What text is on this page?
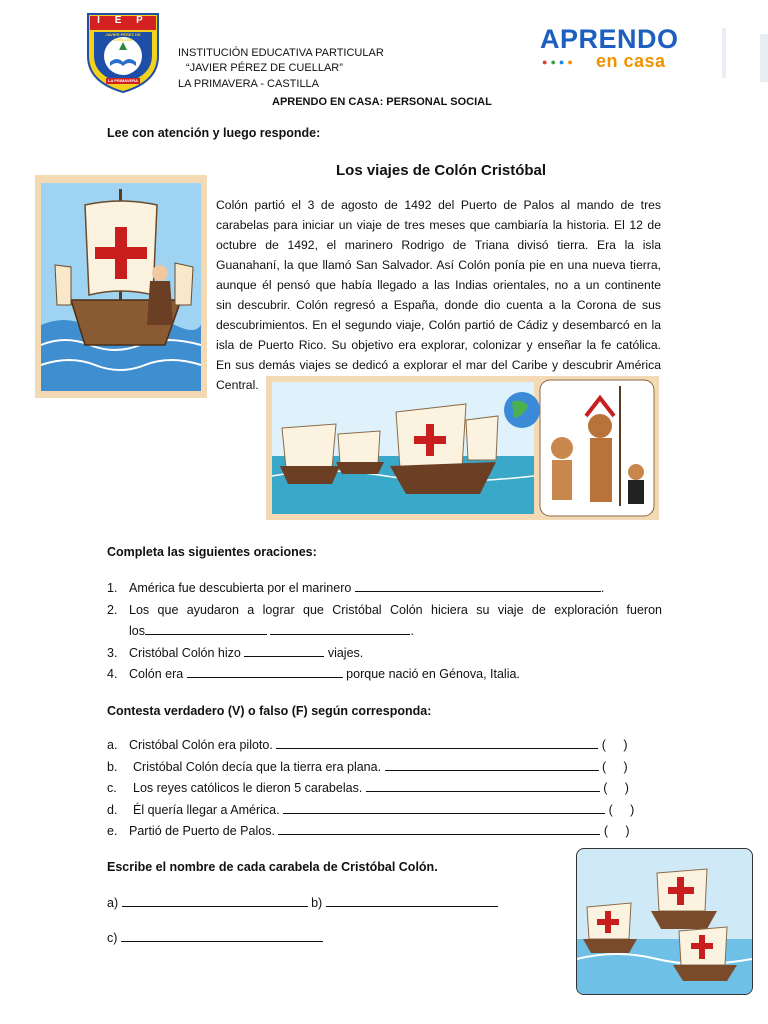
I E P
JAVIER PÉREZ DE CUELLAR
LA PRIMAVERA
INSTITUCIÓN EDUCATIVA PARTICULAR
“JAVIER PÉREZ DE CUELLAR”
LA PRIMAVERA - CASTILLA
APRENDO EN CASA: PERSONAL SOCIAL
APRENDO
●●●● en casa
Lee con atención y luego responde:
Los viajes de Colón Cristóbal
Colón partió el 3 de agosto de 1492 del Puerto de Palos al mando de tres
carabelas para iniciar un viaje de tres meses que cambiaría la historia. El 12 de
octubre de 1492, el marinero Rodrigo de Triana divisó tierra. Era la isla
Guanahaní, la que llamó San Salvador. Así Colón ponía pie en una nueva tierra,
aunque él pensó que había llegado a las Indias orientales, no a un continente
sin descubrir. Colón regresó a España, donde dio cuenta a la Corona de sus
descubrimientos. En el segundo viaje, Colón partió de Cádiz y desembarcó en la
isla de Puerto Rico. Su objetivo era explorar, colonizar y enseñar la fe católica.
En sus demás viajes se dedicó a explorar el mar del Caribe y descubrir América
Central.
Completa las siguientes oraciones:
1. América fue descubierta por el marinero	.
2. Los que ayudaron a lograr que Cristóbal Colón hiciera su viaje de exploración fueron
los	.
3. Cristóbal Colón hizo	viajes.
4. Colón era	porque nació en Génova, Italia.
Contesta verdadero (V) o falso (F) según corresponda:
a. Cristóbal Colón era piloto.	(     )
b. Cristóbal Colón decía que la tierra era plana.	(     )
c. Los reyes católicos le dieron 5 carabelas.	(     )
d. Él quería llegar a América.	(     )
e. Partió de Puerto de Palos.	(     )
Escribe el nombre de cada carabela de Cristóbal Colón.
a)	b)
c)
